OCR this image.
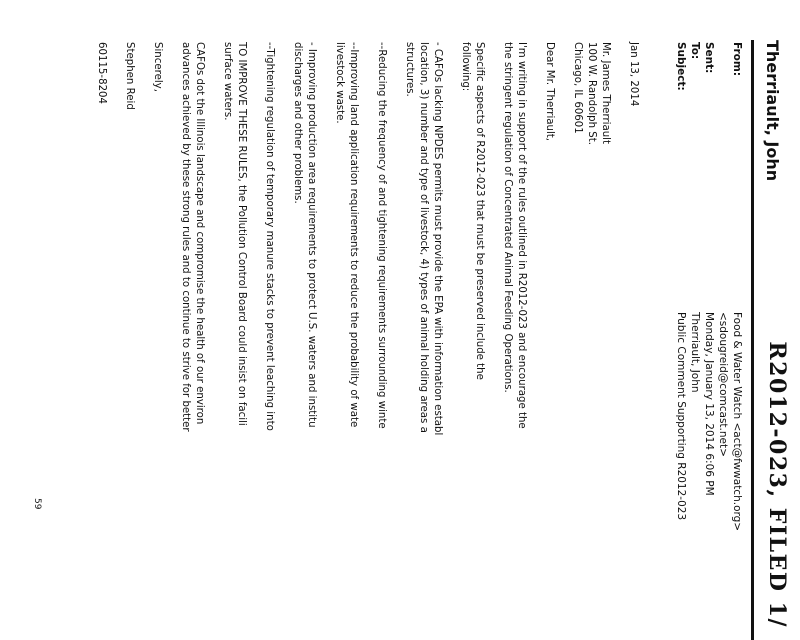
R2012-023, FILED 1/
Therriault, John
From:
Food & Water Watch <act@fwwatch.org>
<sdougreid@comcast.net>
Sent:
Monday, January 13, 2014 6:06 PM
To:
Therriault, John
Subject:
Public Comment Supporting R2012-023
Jan 13, 2014
Mr. James Therriault
100 W. Randolph St.
Chicago, IL 60601
Dear Mr. Therriault,
I'm writing in support of the rules outlined in R2012-023 and encourage the
the stringent regulation of Concentrated Animal Feeding Operations.
Specific aspects of R2012-023 that must be preserved include the
following:
- CAFOs lacking NPDES permits must provide the EPA with information establ
location, 3) number and type of livestock, 4) types of animal holding areas a
structures.
--Reducing the frequency of and tightening requirements surrounding winte
--Improving land application requirements to reduce the probability of wate
livestock waste.
- Improving production area requirements to protect U.S. waters and institu
discharges and other problems.
--Tightening regulation of temporary manure stacks to prevent leaching into
TO IMPROVE THESE RULES, the Pollution Control Board could insist on facili
surface waters.
CAFOs dot the Illinois landscape and compromise the health of our environ
advances achieved by these strong rules and to continue to strive for better
Sincerely,
Stephen Reid
60115-8204
59
